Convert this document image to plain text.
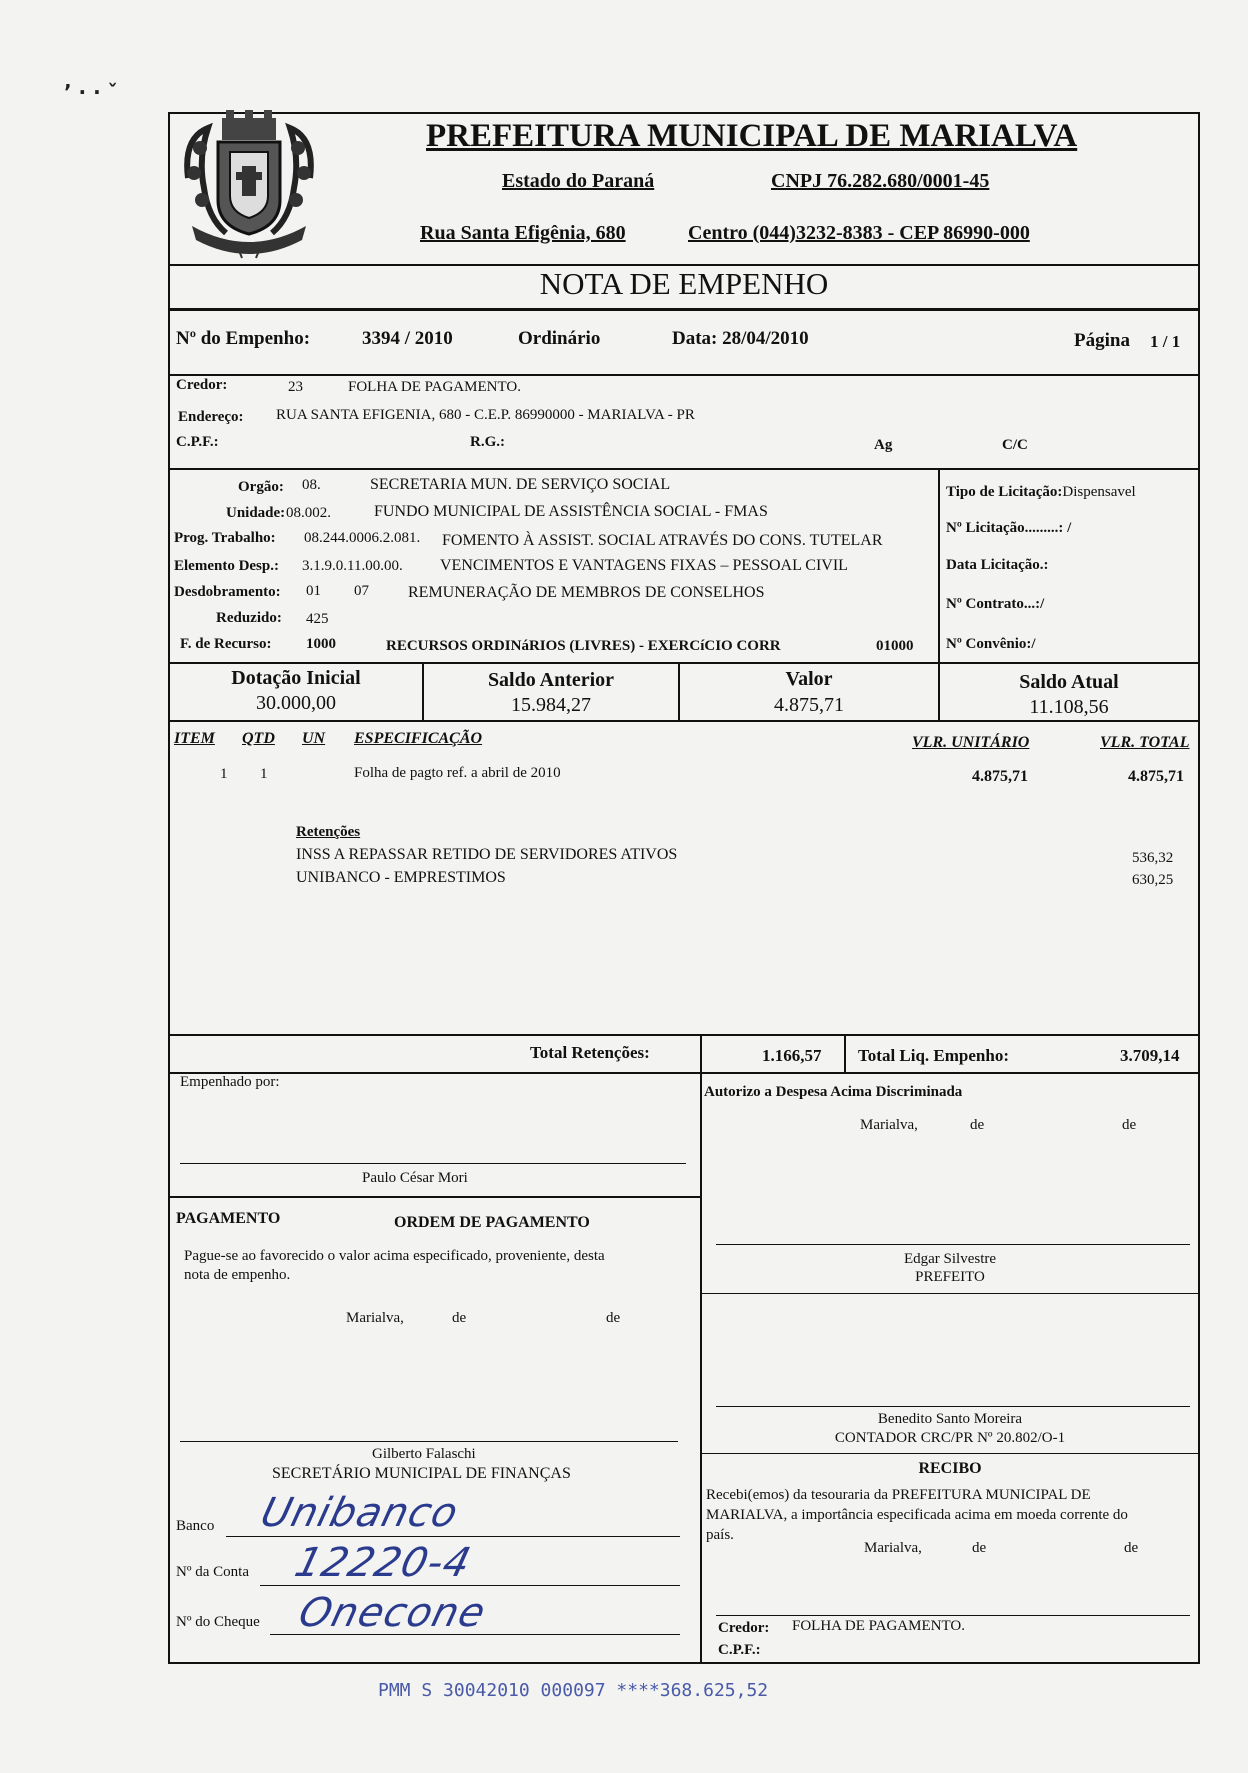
’ · · ˇ
PREFEITURA MUNICIPAL DE MARIALVA
Estado do Paraná	CNPJ 76.282.680/0001-45
Rua Santa Efigênia, 680	Centro (044)3232-8383 - CEP 86990-000
NOTA DE EMPENHO
Nº do Empenho:	3394 / 2010	Ordinário	Data: 28/04/2010	Página 1 / 1
Credor:	23	FOLHA DE PAGAMENTO.
Endereço: RUA SANTA EFIGENIA, 680 - C.E.P. 86990000 - MARIALVA - PR
C.P.F.:	R.G.:	Ag	C/C
Orgão: 08.	SECRETARIA MUN. DE SERVIÇO SOCIAL
Unidade: 08.002.	FUNDO MUNICIPAL DE ASSISTÊNCIA SOCIAL - FMAS
Prog. Trabalho: 08.244.0006.2.081. FOMENTO À ASSIST. SOCIAL ATRAVÉS DO CONS. TUTELAR
Elemento Desp.: 3.1.9.0.11.00.00. VENCIMENTOS E VANTAGENS FIXAS – PESSOAL CIVIL
Desdobramento: 01 07 REMUNERAÇÃO DE MEMBROS DE CONSELHOS
Reduzido: 425
F. de Recurso: 1000	RECURSOS ORDINáRIOS (LIVRES) - EXERCíCIO CORR	01000
Tipo de Licitação:Dispensavel
Nº Licitação.........: /
Data Licitação.:
Nº Contrato...:/
Nº Convênio:/
Dotação Inicial
30.000,00
Saldo Anterior
15.984,27
Valor
4.875,71
Saldo Atual
11.108,56
ITEM QTD UN ESPECIFICAÇÃO	VLR. UNITÁRIO	VLR. TOTAL
1 1	Folha de pagto ref. a abril de 2010	4.875,71	4.875,71
Retenções
INSS A REPASSAR RETIDO DE SERVIDORES ATIVOS	536,32
UNIBANCO - EMPRESTIMOS	630,25
Total Retenções:	1.166,57 Total Liq. Empenho:	3.709,14
Empenhado por:
Paulo César Mori
PAGAMENTO	ORDEM DE PAGAMENTO
Pague-se ao favorecido o valor acima especificado, proveniente, desta
nota de empenho.
Marialva,	de	de
Gilberto Falaschi
SECRETÁRIO MUNICIPAL DE FINANÇAS
Banco Unibanco
Nº da Conta 12220-4
Nº do Cheque Onecone
Autorizo a Despesa Acima Discriminada
Marialva,	de	de
Edgar Silvestre
PREFEITO
Benedito Santo Moreira
CONTADOR CRC/PR Nº 20.802/O-1
RECIBO
Recebi(emos) da tesouraria da PREFEITURA MUNICIPAL DE
MARIALVA, a importância especificada acima em moeda corrente do
país.
Marialva,	de	de
Credor: FOLHA DE PAGAMENTO.
C.P.F.:
PMM S 30042010 000097 ****368.625,52
